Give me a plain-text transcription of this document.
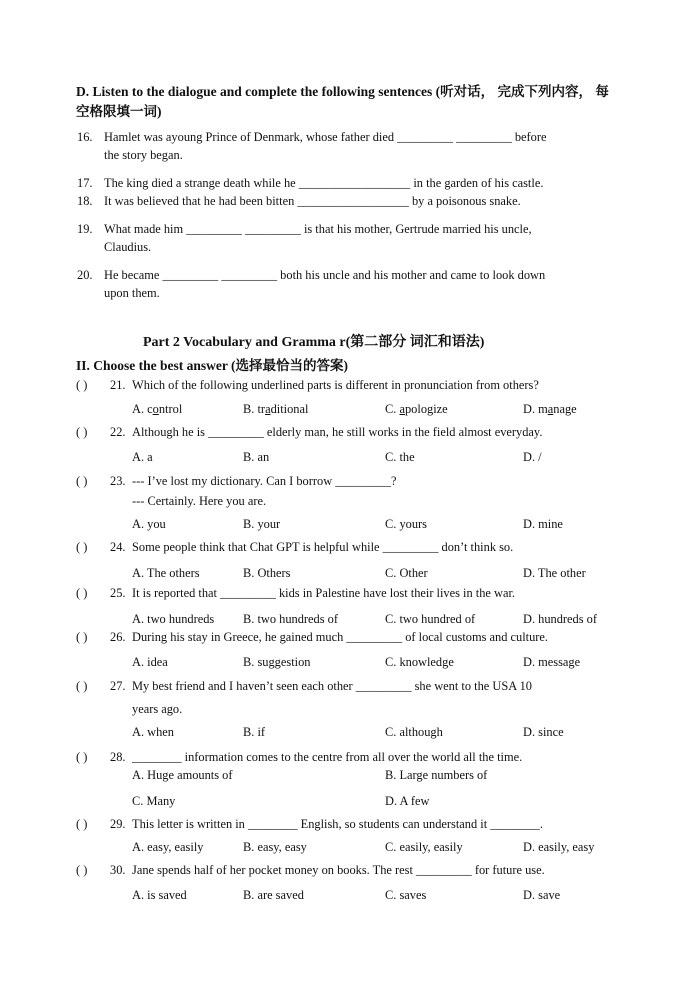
D. Listen to the dialogue and complete the following sentences (听对话， 完成下列内容， 每
空格限填一词)
16. Hamlet was ayoung Prince of Denmark, whose father died _________ _________ before
the story began.
17. The king died a strange death while he __________________ in the garden of his castle.
18. It was believed that he had been bitten __________________ by a poisonous snake.
19. What made him _________ _________ is that his mother, Gertrude married his uncle,
Claudius.
20. He became _________ _________ both his uncle and his mother and came to look down
upon them.
Part 2 Vocabulary and Gramma r(第二部分 词汇和语法)
II. Choose the best answer (选择最恰当的答案)
( ) 21. Which of the following underlined parts is different in pronunciation from others?
A. control	B. traditional	C. apologize	D. manage
( ) 22. Although he is _________ elderly man, he still works in the field almost everyday.
A. a	B. an	C. the	D. /
( ) 23. --- I’ve lost my dictionary. Can I borrow _________?
--- Certainly. Here you are.
A. you	B. your	C. yours	D. mine
( ) 24. Some people think that Chat GPT is helpful while _________ don’t think so.
A. The others	B. Others	C. Other	D. The other
( ) 25. It is reported that _________ kids in Palestine have lost their lives in the war.
A. two hundreds B. two hundreds of	C. two hundred of	D. hundreds of
( ) 26. During his stay in Greece, he gained much _________ of local customs and culture.
A. idea	B. suggestion	C. knowledge	D. message
( ) 27. My best friend and I haven’t seen each other _________ she went to the USA 10
years ago.
A. when	B. if	C. although	D. since
( ) 28. ________ information comes to the centre from all over the world all the time.
A. Huge amounts of	B. Large numbers of
C. Many	D. A few
( ) 29. This letter is written in ________ English, so students can understand it ________.
A. easy, easily	B. easy, easy	C. easily, easily	D. easily, easy
( ) 30. Jane spends half of her pocket money on books. The rest _________ for future use.
A. is saved	B. are saved	C. saves	D. save
